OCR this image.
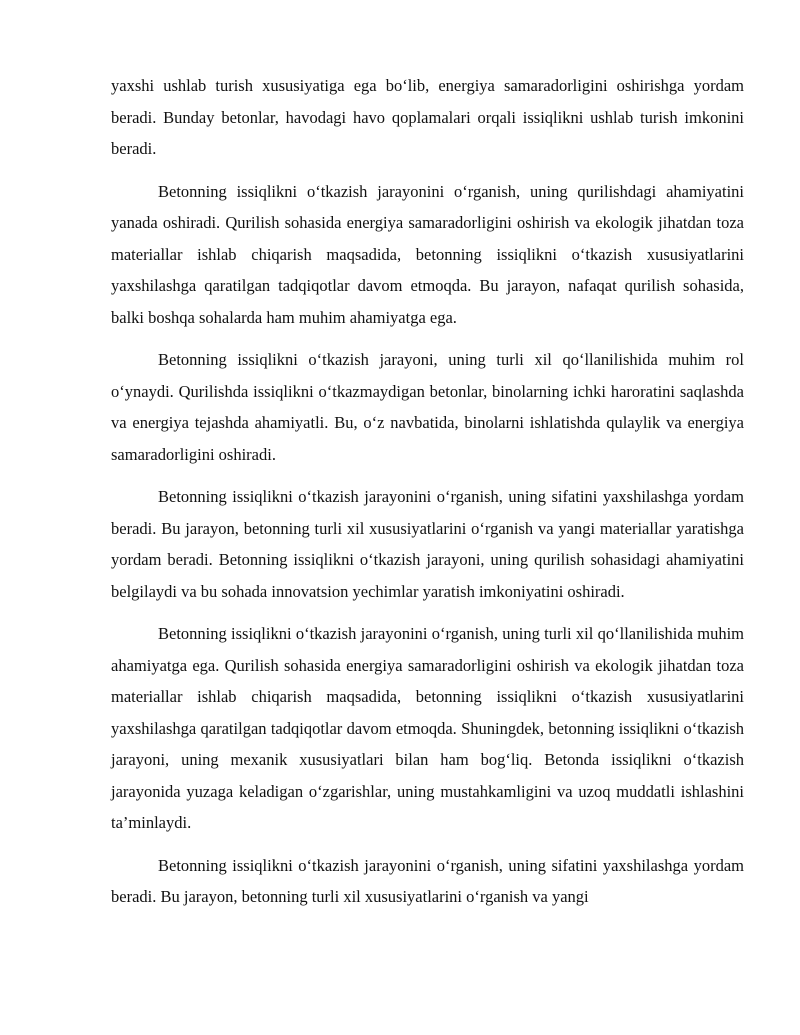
yaxshi ushlab turish xususiyatiga ega bo‘lib, energiya samaradorligini oshirishga yordam beradi. Bunday betonlar, havodagi havo qoplamalari orqali issiqlikni ushlab turish imkonini beradi.

Betonning issiqlikni o‘tkazish jarayonini o‘rganish, uning qurilishdagi ahamiyatini yanada oshiradi. Qurilish sohasida energiya samaradorligini oshirish va ekologik jihatdan toza materiallar ishlab chiqarish maqsadida, betonning issiqlikni o‘tkazish xususiyatlarini yaxshilashga qaratilgan tadqiqotlar davom etmoqda. Bu jarayon, nafaqat qurilish sohasida, balki boshqa sohalarda ham muhim ahamiyatga ega.

Betonning issiqlikni o‘tkazish jarayoni, uning turli xil qo‘llanilishida muhim rol o‘ynaydi. Qurilishda issiqlikni o‘tkazmaydigan betonlar, binolarning ichki haroratini saqlashda va energiya tejashda ahamiyatli. Bu, o‘z navbatida, binolarni ishlatishda qulaylik va energiya samaradorligini oshiradi.

Betonning issiqlikni o‘tkazish jarayonini o‘rganish, uning sifatini yaxshilashga yordam beradi. Bu jarayon, betonning turli xil xususiyatlarini o‘rganish va yangi materiallar yaratishga yordam beradi. Betonning issiqlikni o‘tkazish jarayoni, uning qurilish sohasidagi ahamiyatini belgilaydi va bu sohada innovatsion yechimlar yaratish imkoniyatini oshiradi.

Betonning issiqlikni o‘tkazish jarayonini o‘rganish, uning turli xil qo‘llanilishida muhim ahamiyatga ega. Qurilish sohasida energiya samaradorligini oshirish va ekologik jihatdan toza materiallar ishlab chiqarish maqsadida, betonning issiqlikni o‘tkazish xususiyatlarini yaxshilashga qaratilgan tadqiqotlar davom etmoqda. Shuningdek, betonning issiqlikni o‘tkazish jarayoni, uning mexanik xususiyatlari bilan ham bog‘liq. Betonda issiqlikni o‘tkazish jarayonida yuzaga keladigan o‘zgarishlar, uning mustahkamligini va uzoq muddatli ishlashini ta’minlaydi.

Betonning issiqlikni o‘tkazish jarayonini o‘rganish, uning sifatini yaxshilashga yordam beradi. Bu jarayon, betonning turli xil xususiyatlarini o‘rganish va yangi
